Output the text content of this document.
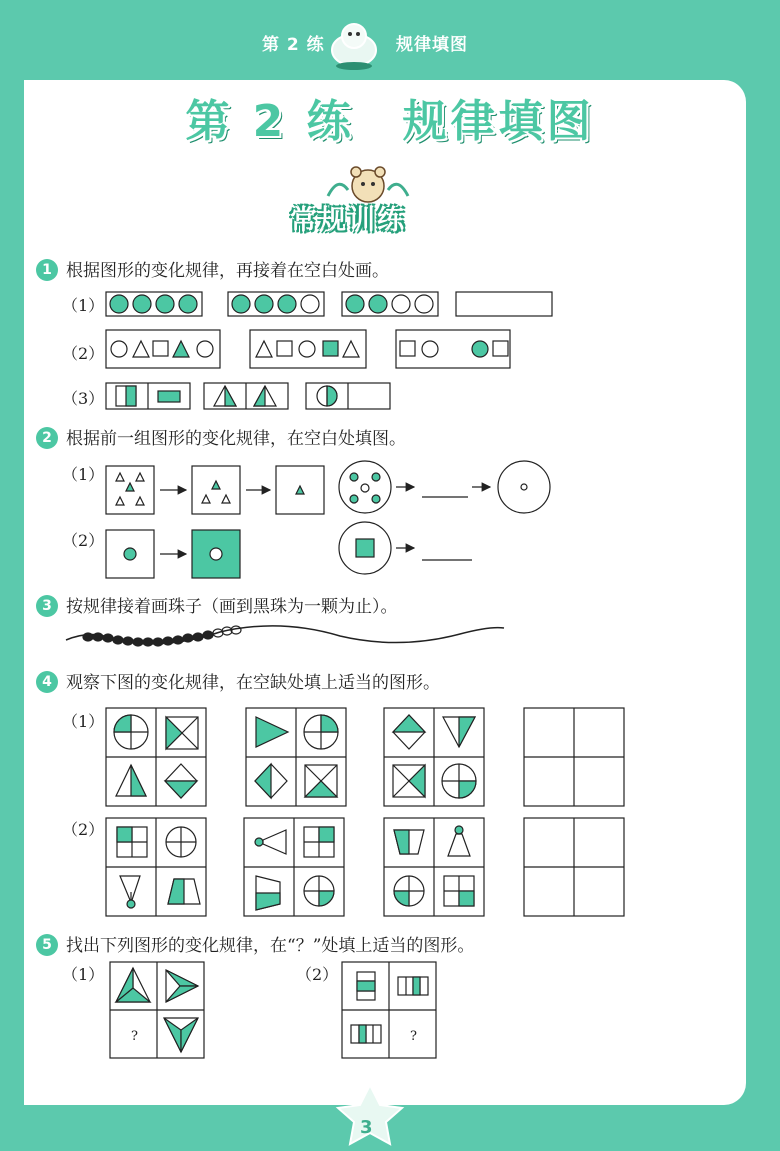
第 2 练	规律填图
第 2 练　规律填图
常规训练
1 根据图形的变化规律，再接着在空白处画。
2 根据前一组图形的变化规律，在空白处填图。
3 按规律接着画珠子（画到黑珠为一颗为止）。
4 观察下图的变化规律，在空缺处填上适当的图形。
5 找出下列图形的变化规律，在“？”处填上适当的图形。
（1）
（2）
（3）
（1）
（2）
（1）
（2）
（1）	（2）
?	?
3
